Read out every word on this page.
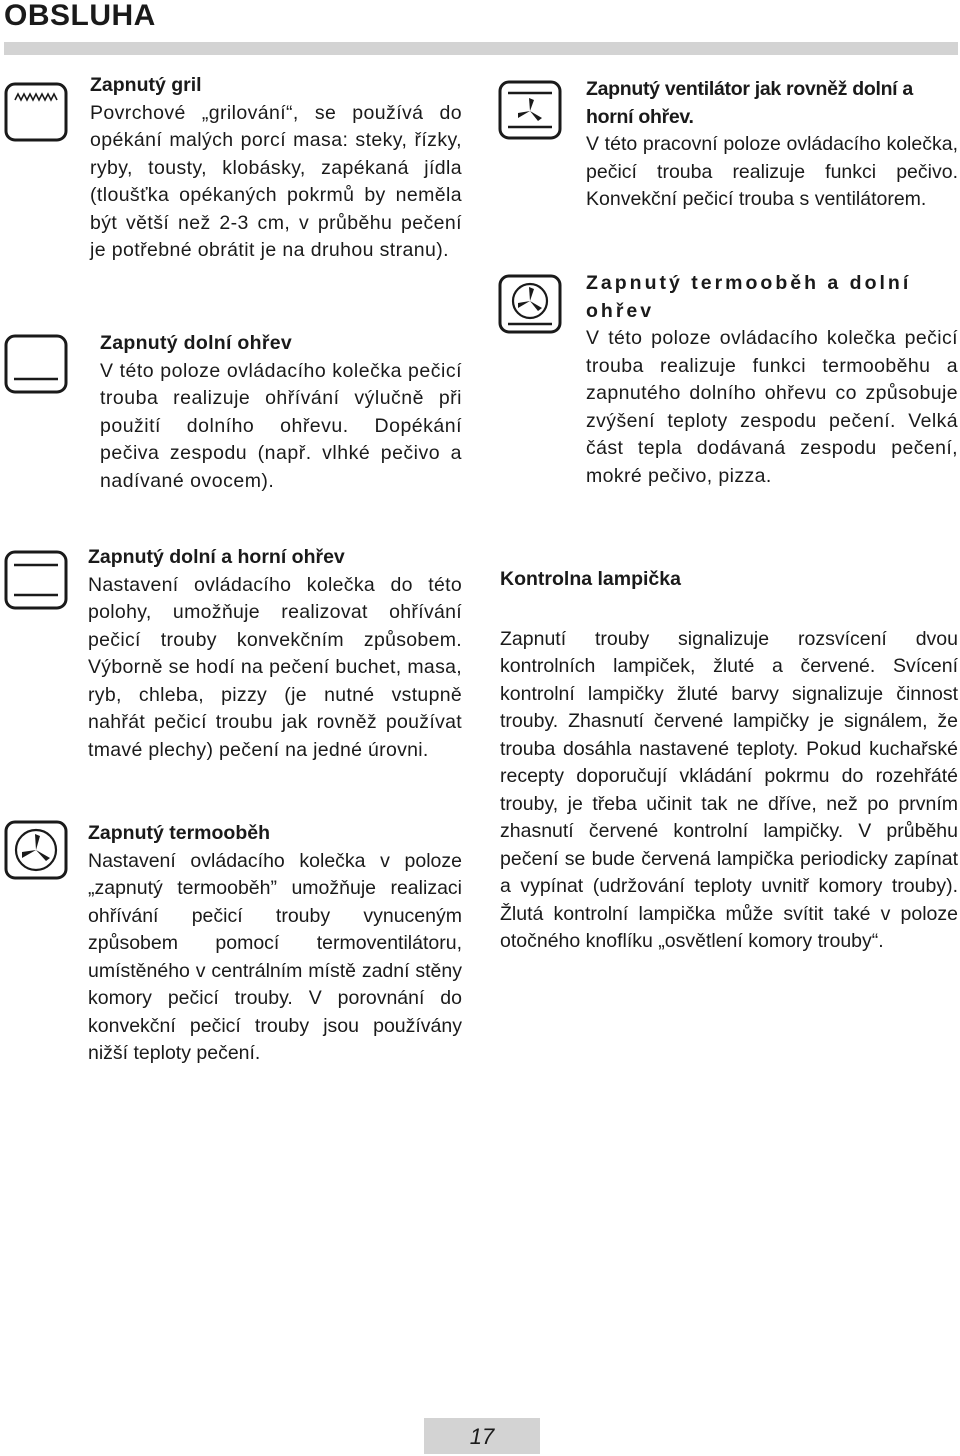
OBSLUHA
Zapnutý gril

Povrchové „grilování“, se používá do opékání malých porcí masa: steky, řízky, ryby, tousty, klobásky, zapékaná jídla (tloušťka opékaných pokrmů by neměla být větší než 2-3 cm, v průběhu pečení je potřebné obrátit je na druhou stranu).

Zapnutý dolní ohřev

V této poloze ovládacího kolečka pečicí trouba realizuje ohřívání výlučně při použití dolního ohřevu. Dopékání pečiva zespodu (např. vlhké pečivo a nadívané ovocem).

Zapnutý dolní a horní ohřev

Nastavení ovládacího kolečka do této polohy, umožňuje realizovat ohřívání pečicí trouby konvekčním způsobem. Výborně se hodí na pečení buchet, masa, ryb, chleba, pizzy (je nutné vstupně nahřát pečicí troubu jak rovněž používat tmavé plechy) pečení na jedné úrovni.

Zapnutý termooběh

Nastavení ovládacího kolečka v poloze „zapnutý termooběh” umožňuje realizaci ohřívání pečicí trouby vynuceným způsobem pomocí termoventilátoru, umístěného v centrálním místě zadní stěny komory pečicí trouby. V porovnání do konvekční pečicí trouby jsou používány nižší teploty pečení.

Zapnutý ventilátor jak rovněž dolní a horní ohřev.

V této pracovní poloze ovládacího kolečka, pečicí trouba realizuje funkci pečivo. Konvekční pečicí trouba s ventilátorem.

Zapnutý termooběh a dolní ohřev

V této poloze ovládacího kolečka pečicí trouba realizuje funkci termooběhu a zapnutého dolního ohřevu co způsobuje zvýšení teploty zespodu pečení. Velká část tepla dodávaná zespodu pečení, mokré pečivo, pizza.

Kontrolna lampička

Zapnutí trouby signalizuje rozsvícení dvou kontrolních lampiček, žluté a červené. Svícení kontrolní lampičky žluté barvy signalizuje činnost trouby. Zhasnutí červené lampičky je signálem, že trouba dosáhla nastavené teploty. Pokud kuchařské recepty doporučují vkládání pokrmu do rozehřáté trouby, je třeba učinit tak ne dříve, než po prvním zhasnutí červené kontrolní lampičky. V průběhu pečení se bude červená lampička periodicky zapínat a vypínat (udržování teploty uvnitř komory trouby). Žlutá kontrolní lampička může svítit také v poloze otočného knoflíku „osvětlení komory trouby“.

17
